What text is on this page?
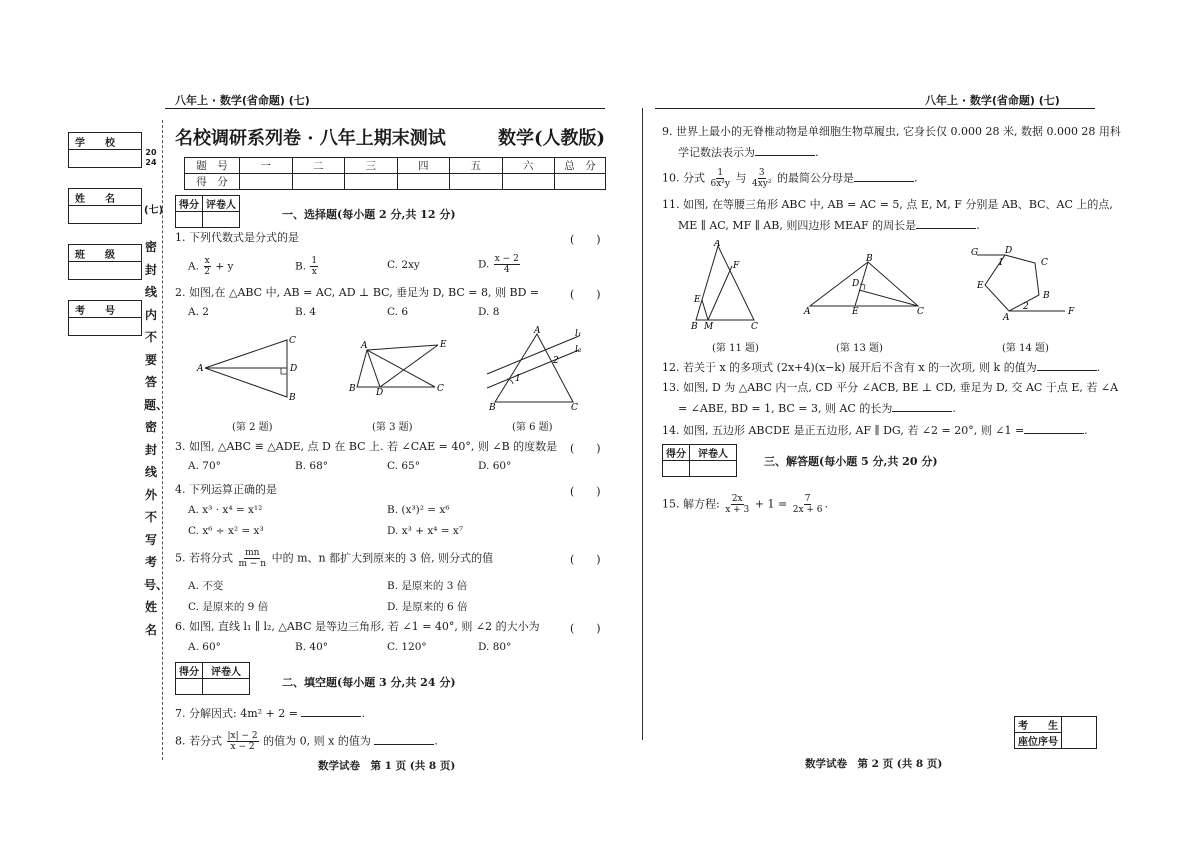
八年上 · 数学(省命题) (七)	八年上 · 数学(省命题) (七)
学　　校
姓　　名
班　　级
考　　号
2024
(七)
密封线内不要答题、密封线外不写考号、姓名
名校调研系列卷 · 八年上期末测试	数学(人教版)
题　号	一	二	三	四	五	六	总　分
得　分							
得分	评卷人

一、选择题(每小题 2 分,共 12 分)
1. 下列代数式是分式的是	(　　)
A. $\frac{x}{2} + y$	B. $\frac{1}{x}$	C. 2xy	D. $\frac{x - 2}{4}$
2. 如图,在 △ABC 中, AB = AC, AD ⊥ BC, 垂足为 D, BC = 8, 则 BD =	(　　)
A. 2	B. 4	C. 6	D. 8
A
C
D
B
(第 2 题)
A	E
B D	C
(第 3 题)
A	l₁
l₂
1
2
B	C
(第 6 题)
3. 如图, △ABC ≌ △ADE, 点 D 在 BC 上. 若 ∠CAE = 40°, 则 ∠B 的度数是 (　　)
A. 70°	B. 68°	C. 65°	D. 60°
4. 下列运算正确的是	(　　)
A. x³ · x⁴ = x¹²	B. (x³)² = x⁶
C. x⁶ ÷ x² = x³	D. x³ + x⁴ = x⁷
5. 若将分式 $\frac{mn}{m - n}$ 中的 m、n 都扩大到原来的 3 倍, 则分式的值	(　　)
A. 不变	B. 是原来的 3 倍
C. 是原来的 9 倍	D. 是原来的 6 倍
6. 如图, 直线 l₁ ∥ l₂, △ABC 是等边三角形, 若 ∠1 = 40°, 则 ∠2 的大小为	(　　)
A. 60°	B. 40°	C. 120°	D. 80°
得分	评卷人

二、填空题(每小题 3 分,共 24 分)
7. 分解因式: 4m² + 2 =	.
8. 若分式 $\frac{|x| - 2}{x - 2}$ 的值为 0, 则 x 的值为	.
数学试卷　第 1 页 (共 8 页)
9. 世界上最小的无脊椎动物是单细胞生物草履虫, 它身长仅 0.000 28 米, 数据 0.000 28 用科
学记数法表示为	.
10. 分式 $\frac{1}{\text{6x²y}}$ 与 $\frac{3}{\text{4xy²}}$ 的最简公分母是	.
11. 如图, 在等腰三角形 ABC 中, AB = AC = 5, 点 E, M, F 分别是 AB、BC、AC 上的点,
ME ∥ AC, MF ∥ AB, 则四边形 MEAF 的周长是	.
A
F
E
B M	C
(第 11 题)
B
D
A	E	C
(第 13 题)
G	D
C
1
E
B
A
2	F
(第 14 题)
12. 若关于 x 的多项式 (2x+4)(x−k) 展开后不含有 x 的一次项, 则 k 的值为	.
13. 如图, D 为 △ABC 内一点, CD 平分 ∠ACB, BE ⊥ CD, 垂足为 D, 交 AC 于点 E, 若 ∠A
= ∠ABE, BD = 1, BC = 3, 则 AC 的长为	.
14. 如图, 五边形 ABCDE 是正五边形, AF ∥ DG, 若 ∠2 = 20°, 则 ∠1 =	.
得分	评卷人

三、解答题(每小题 5 分,共 20 分)
15. 解方程: $\frac{2x}{x + 3} + 1 = \frac{7}{2x + 6}$ .
考　　生	
座位序号
数学试卷　第 2 页 (共 8 页)
